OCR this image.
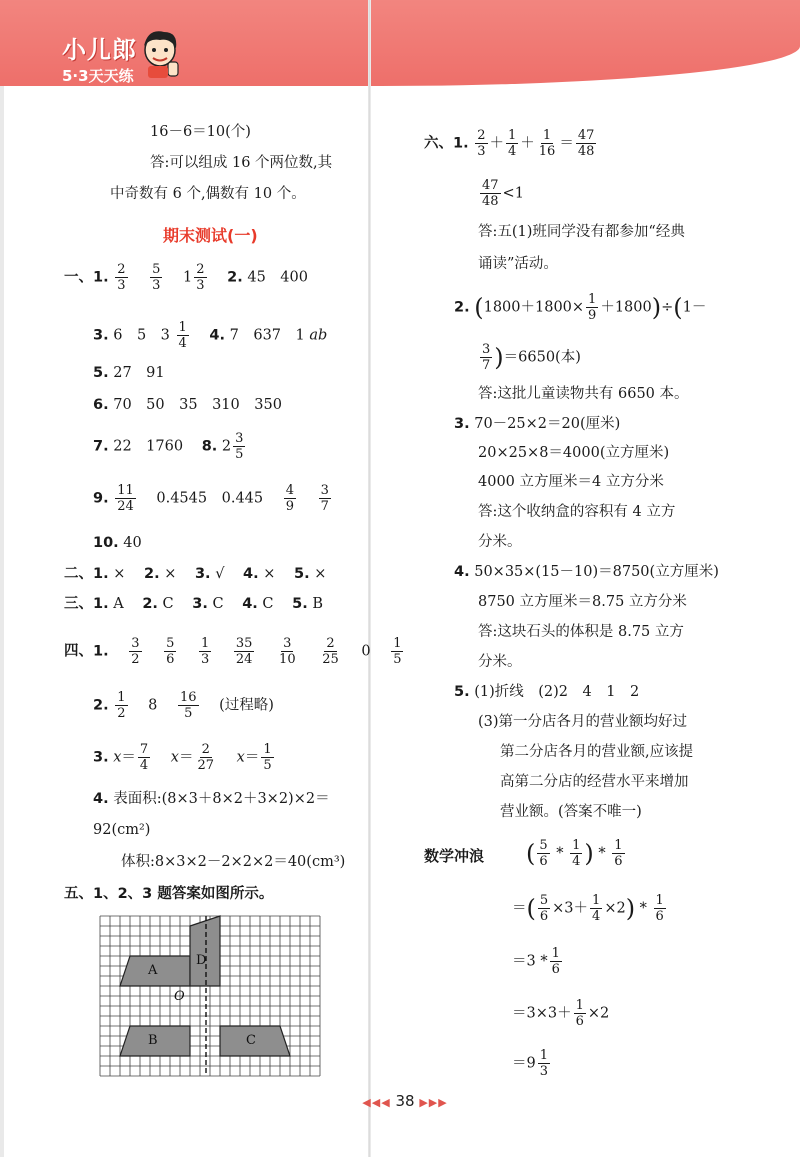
小儿郎
5·3天天练
16－6＝10(个)
答:可以组成 16 个两位数,其
中奇数有 6 个,偶数有 10 个。
期末测试(一)
一、1. $\frac{2}{3}$
$\frac{5}{3} 1 \frac{2}{3} 2$. 45　400
3. 6　5　$3 \frac{1}{4} 4$. 7　637　1 ab
5. 27　91
6. 70　50　35　310　350
7. 22　1760 8. $2 \frac{3}{5}$
9. $\frac{11}{24} 0.4545$　$0.445 \frac{4}{9}$
$\frac{3}{7}$
10. 40
二、1. × 2. × 3. √ 4. × 5. ×
三、1. A 2. C 3. C 4. C 5. B
四、1. $\frac{3}{2}$
$\frac{5}{6}$
$\frac{1}{3}$
$\frac{35}{24}$
$\frac{3}{10}$
$\frac{2}{25} 0 \frac{1}{5}$
2. $\frac{1}{2} 8 \frac{16}{5}$ (过程略)
3. $x= \frac{7}{4} x= \frac{2}{27} x= \frac{1}{5}$
4. 表面积:(8×3＋8×2＋3×2)×2＝
92(cm²)
体积:8×3×2－2×2×2＝40(cm³)
五、1、2、3 题答案如图所示。
A
D
B	C
O
六、1. $\frac{2}{3} + \frac{1}{4} + \frac{1}{16} = \frac{47}{48}$
$\frac{47}{48} <1$
答:五(1)班同学没有都参加“经典
诵读”活动。
2. $(1800+1800\times \frac{1}{9} +1800)\div(1-$
$\frac{3}{7} )=6650$(本)
答:这批儿童读物共有 6650 本。
3. 70－25×2＝20(厘米)
20×25×8＝4000(立方厘米)
4000 立方厘米＝4 立方分米
答:这个收纳盒的容积有 4 立方
分米。
4. 50×35×(15－10)＝8750(立方厘米)
8750 立方厘米＝8.75 立方分米
答:这块石头的体积是 8.75 立方
分米。
5. (1)折线　(2)2　4　1　2
(3)第一分店各月的营业额均好过
第二分店各月的营业额,应该提
高第二分店的经营水平来增加
营业额。(答案不唯一)
数学冲浪 ( $\frac{5}{6} * \frac{1}{4}$ ) * $\frac{1}{6}$
＝( $\frac{5}{6} \times 3+ \frac{1}{4} \times 2) * \frac{1}{6}$
$=3 * \frac{1}{6}$
$=3\times 3+ \frac{1}{6} \times 2$
$=9 \frac{1}{3}$
◀◀◀ 38 ▶▶▶
